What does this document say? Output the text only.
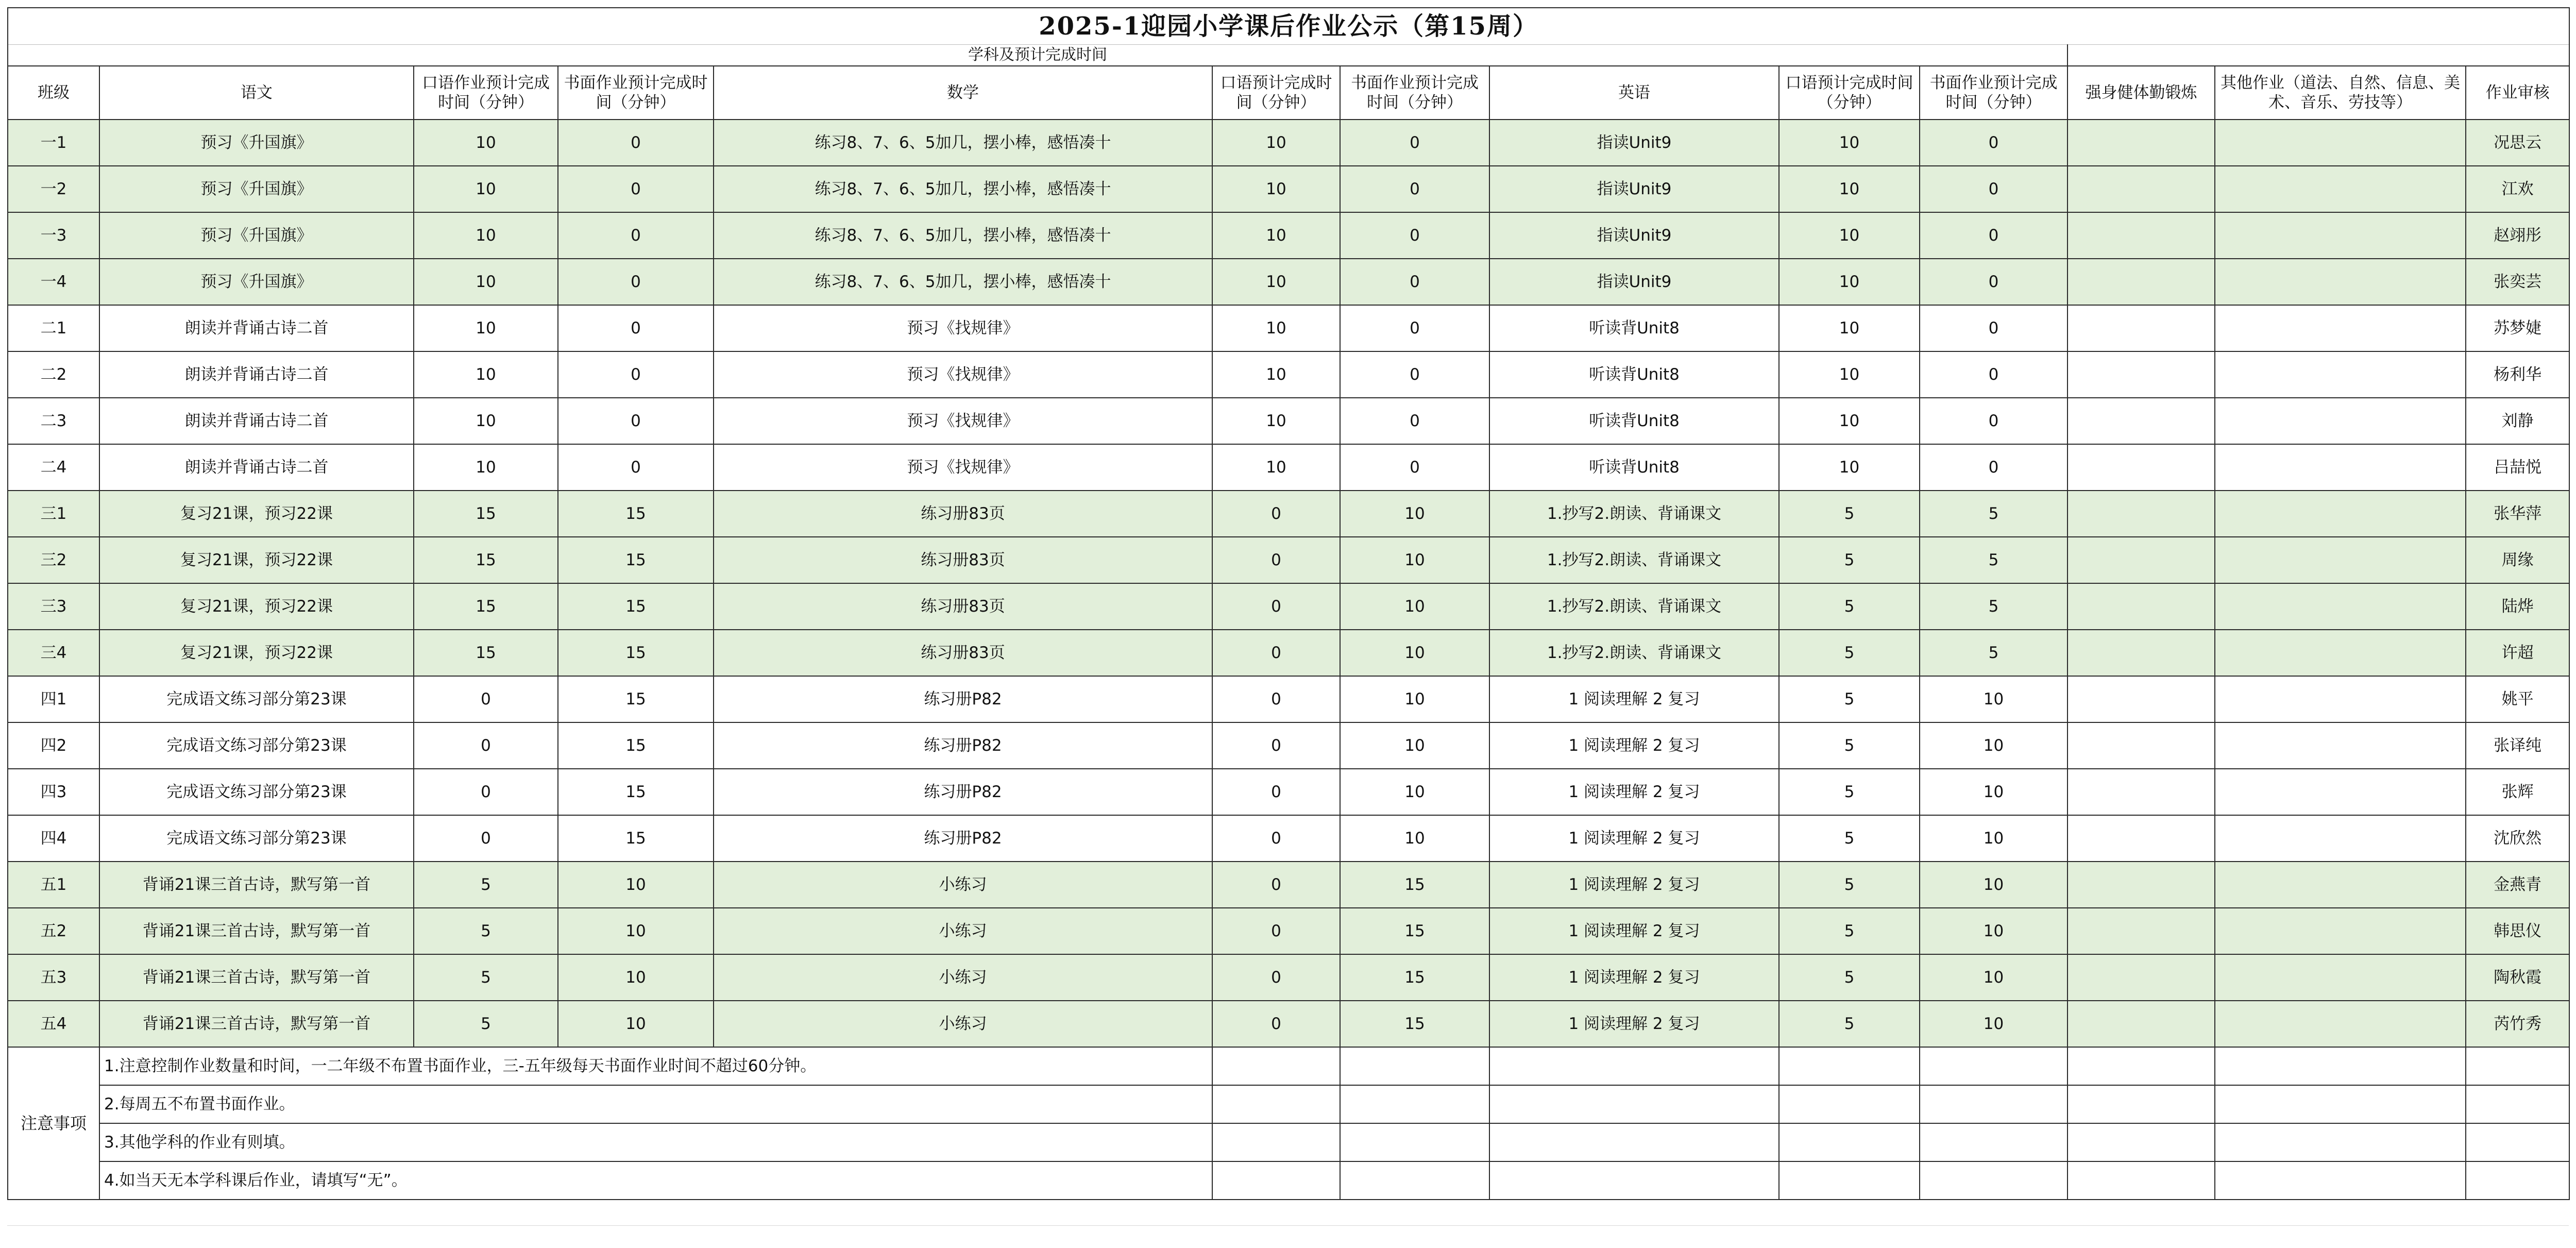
2025-1迎园小学课后作业公示（第15周）												
学科及预计完成时间												
班级	语文	口语作业预计完成时间（分钟）	书面作业预计完成时间（分钟）	数学	口语预计完成时间（分钟）	书面作业预计完成时间（分钟）	英语	口语预计完成时间（分钟）	书面作业预计完成时间（分钟）	强身健体勤锻炼	其他作业（道法、自然、信息、美术、音乐、劳技等）	作业审核
一1	预习《升国旗》	10	0	练习8、7、6、5加几，摆小棒，感悟凑十	10	0	指读Unit9	10	0			况思云
一2	预习《升国旗》	10	0	练习8、7、6、5加几，摆小棒，感悟凑十	10	0	指读Unit9	10	0			江欢
一3	预习《升国旗》	10	0	练习8、7、6、5加几，摆小棒，感悟凑十	10	0	指读Unit9	10	0			赵翊彤
一4	预习《升国旗》	10	0	练习8、7、6、5加几，摆小棒，感悟凑十	10	0	指读Unit9	10	0			张奕芸
二1	朗读并背诵古诗二首	10	0	预习《找规律》	10	0	听读背Unit8	10	0			苏梦婕
二2	朗读并背诵古诗二首	10	0	预习《找规律》	10	0	听读背Unit8	10	0			杨利华
二3	朗读并背诵古诗二首	10	0	预习《找规律》	10	0	听读背Unit8	10	0			刘静
二4	朗读并背诵古诗二首	10	0	预习《找规律》	10	0	听读背Unit8	10	0			吕喆悦
三1	复习21课，预习22课	15	15	练习册83页	0	10	1.抄写2.朗读、背诵课文	5	5			张华萍
三2	复习21课，预习22课	15	15	练习册83页	0	10	1.抄写2.朗读、背诵课文	5	5			周缘
三3	复习21课，预习22课	15	15	练习册83页	0	10	1.抄写2.朗读、背诵课文	5	5			陆烨
三4	复习21课，预习22课	15	15	练习册83页	0	10	1.抄写2.朗读、背诵课文	5	5			许超
四1	完成语文练习部分第23课	0	15	练习册P82	0	10	1 阅读理解 2 复习	5	10			姚平
四2	完成语文练习部分第23课	0	15	练习册P82	0	10	1 阅读理解 2 复习	5	10			张译纯
四3	完成语文练习部分第23课	0	15	练习册P82	0	10	1 阅读理解 2 复习	5	10			张辉
四4	完成语文练习部分第23课	0	15	练习册P82	0	10	1 阅读理解 2 复习	5	10			沈欣然
五1	背诵21课三首古诗，默写第一首	5	10	小练习	0	15	1 阅读理解 2 复习	5	10			金燕青
五2	背诵21课三首古诗，默写第一首	5	10	小练习	0	15	1 阅读理解 2 复习	5	10			韩思仪
五3	背诵21课三首古诗，默写第一首	5	10	小练习	0	15	1 阅读理解 2 复习	5	10			陶秋霞
五4	背诵21课三首古诗，默写第一首	5	10	小练习	0	15	1 阅读理解 2 复习	5	10			芮竹秀
注意事项	1.注意控制作业数量和时间，一二年级不布置书面作业，三-五年级每天书面作业时间不超过60分钟。											
	2.每周五不布置书面作业。											
	3.其他学科的作业有则填。											
	4.如当天无本学科课后作业，请填写“无”。											
